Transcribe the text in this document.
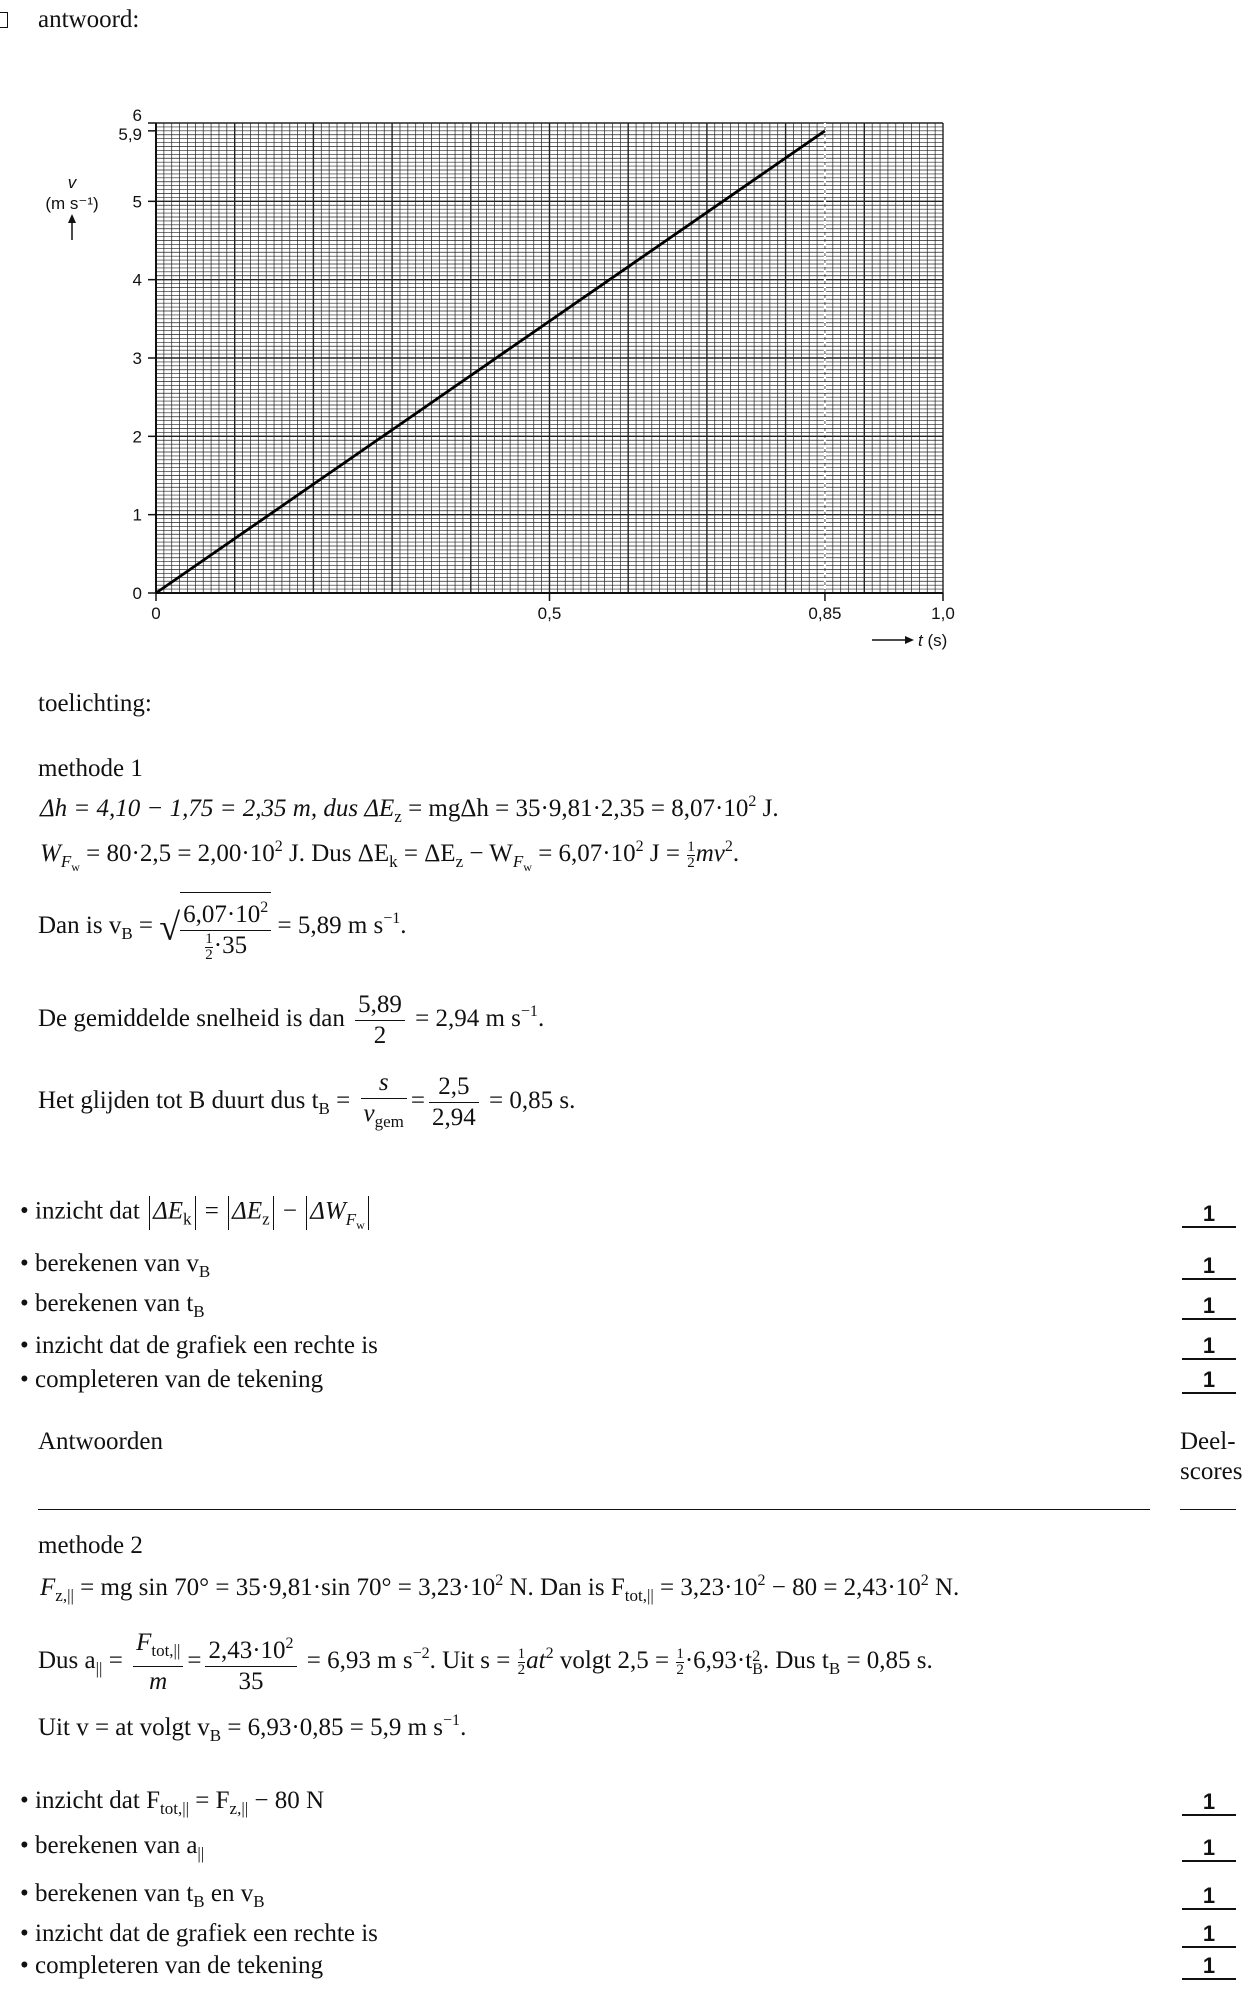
antwoord:
0
1
2
3
4
5
5,9
6
0	0,5	0,85	1,0
v
(m s⁻¹)
t (s)
toelichting:
methode 1
Δh = 4,10 − 1,75 = 2,35 m, dus $\Delta E_z = mg\Delta h = 35\cdot 9,81\cdot 2,35 = 8,07\cdot 10^2$ J.
$W_{F_w} = 80\cdot 2,5 = 2,00\cdot 10^2$ J. Dus $\Delta E_k = \Delta E_z - W_{F_w} = 6,07\cdot 10^2$ $J = \frac{1}{2} mv^2$.
Dan is $v_B$ = √ $\frac{6,07\cdot 10^2}{\frac{1}{2} \cdot 35} = 5,89$ m $s^{-1}$.
De gemiddelde snelheid is dan $\frac{5,89}{2} = 2,94$ m $s^{-1}$.
Het glijden tot B duurt dus $t_B = \frac{s}{v_{gem}} = \frac{2,5}{2,94} = 0,85$ s.
• inzicht dat $\Delta E_k = \Delta E_z - \Delta W_{F_w}$	1
• berekenen van $v_B$	1
• berekenen van $t_B$	1
• inzicht dat de grafiek een rechte is	1
• completeren van de tekening	1
Antwoorden	Deel-
scores
methode 2
$F_{z,||}$ = mg sin 70° = 35·9,81·sin $70^\circ = 3,23\cdot 10^2$ N. Dan is $F_{tot,||} = 3,23\cdot 10^2 - 80 = 2,43\cdot 10^2$ N.
Dus $a_{||} = \frac{F_{tot,||}}{m} = \frac{2,43\cdot 10^2}{35} = 6,93$ m $s^{-2}$. Uit $s = \frac{1}{2} at^2$ volgt $2,5 = \frac{1}{2} \cdot 6,93\cdot t$ 2
B . Dus $t_B = 0,85$ s.
Uit v = at volgt $v_B = 6,93\cdot 0,85 = 5,9$ m $s^{-1}$.
• inzicht dat $F_{tot,||} = F_{z,||} - 80$ N	1
• berekenen van $a_{||}$	1
• berekenen van $t_B$ en $v_B$	1
• inzicht dat de grafiek een rechte is	1
• completeren van de tekening	1
